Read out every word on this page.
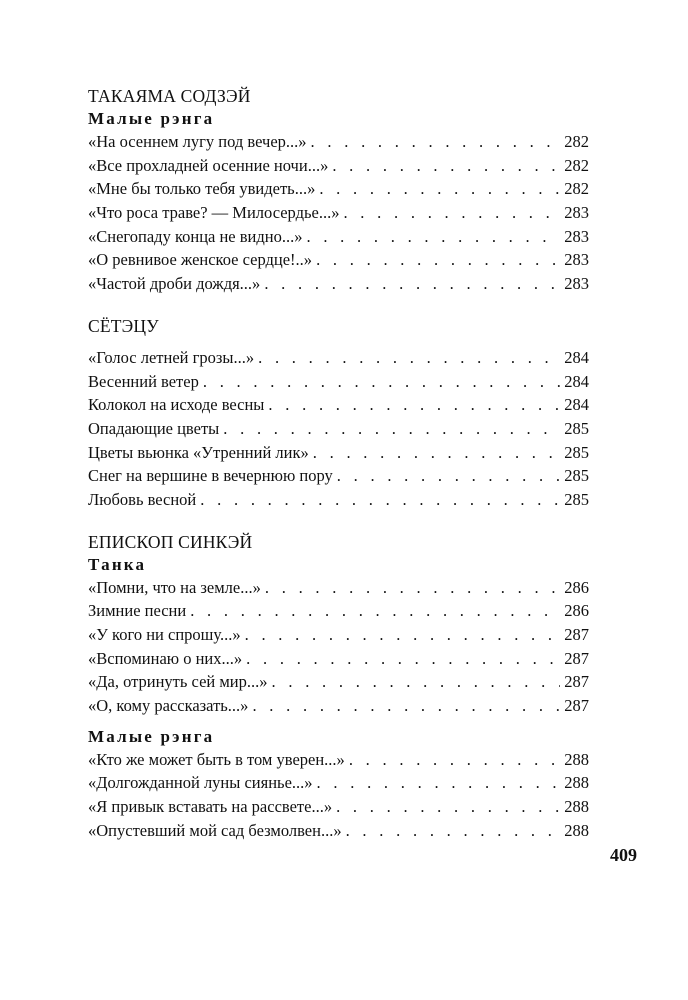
ТАКАЯМА СОДЗЭЙ
Малые рэнга
«На осеннем лугу под вечер...» . . .	282
«Все прохладней осенние ночи...» . . .	282
«Мне бы только тебя увидеть...» . . .	282
«Что роса траве? — Милосердье...» . . .	283
«Снегопаду конца не видно...» . . .	283
«О ревнивое женское сердце!..» . . .	283
«Частой дроби дождя...» . . .	283
СЁТЭЦУ
«Голос летней грозы...» . . .	284
Весенний ветер . . .	284
Колокол на исходе весны . . .	284
Опадающие цветы . . .	285
Цветы вьюнка «Утренний лик» . . .	285
Снег на вершине в вечернюю пору . . .	285
Любовь весной . . .	285
ЕПИСКОП СИНКЭЙ
Танка
«Помни, что на земле...» . . .	286
Зимние песни . . .	286
«У кого ни спрошу...» . . .	287
«Вспоминаю о них...» . . .	287
«Да, отринуть сей мир...» . . .	287
«О, кому рассказать...» . . .	287
Малые рэнга
«Кто же может быть в том уверен...» . . .	288
«Долгожданной луны сиянье...» . . .	288
«Я привык вставать на рассвете...» . . .	288
«Опустевший мой сад безмолвен...» . . .	288
409
